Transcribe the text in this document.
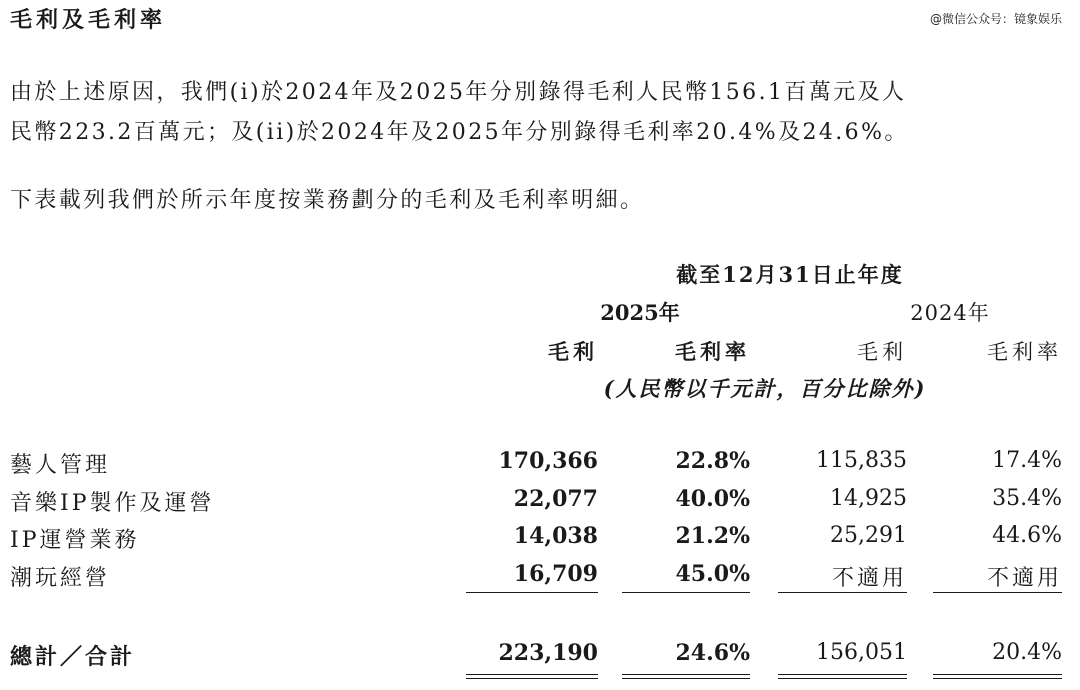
毛利及毛利率	@微信公众号：镜象娱乐
由於上述原因，我們(i)於2024年及2025年分別錄得毛利人民幣156.1百萬元及人
民幣223.2百萬元；及(ii)於2024年及2025年分別錄得毛利率20.4%及24.6%。
下表載列我們於所示年度按業務劃分的毛利及毛利率明細。
截至12月31日止年度
2025年	2024年
毛利	毛利率	毛利	毛利率
(人民幣以千元計，百分比除外)
藝人管理	170,366	22.8%	115,835	17.4%
音樂IP製作及運營	22,077	40.0%	14,925	35.4%
IP運營業務	14,038	21.2%	25,291	44.6%
潮玩經營	16,709	45.0%	不適用	不適用
總計／合計	223,190	24.6%	156,051	20.4%
